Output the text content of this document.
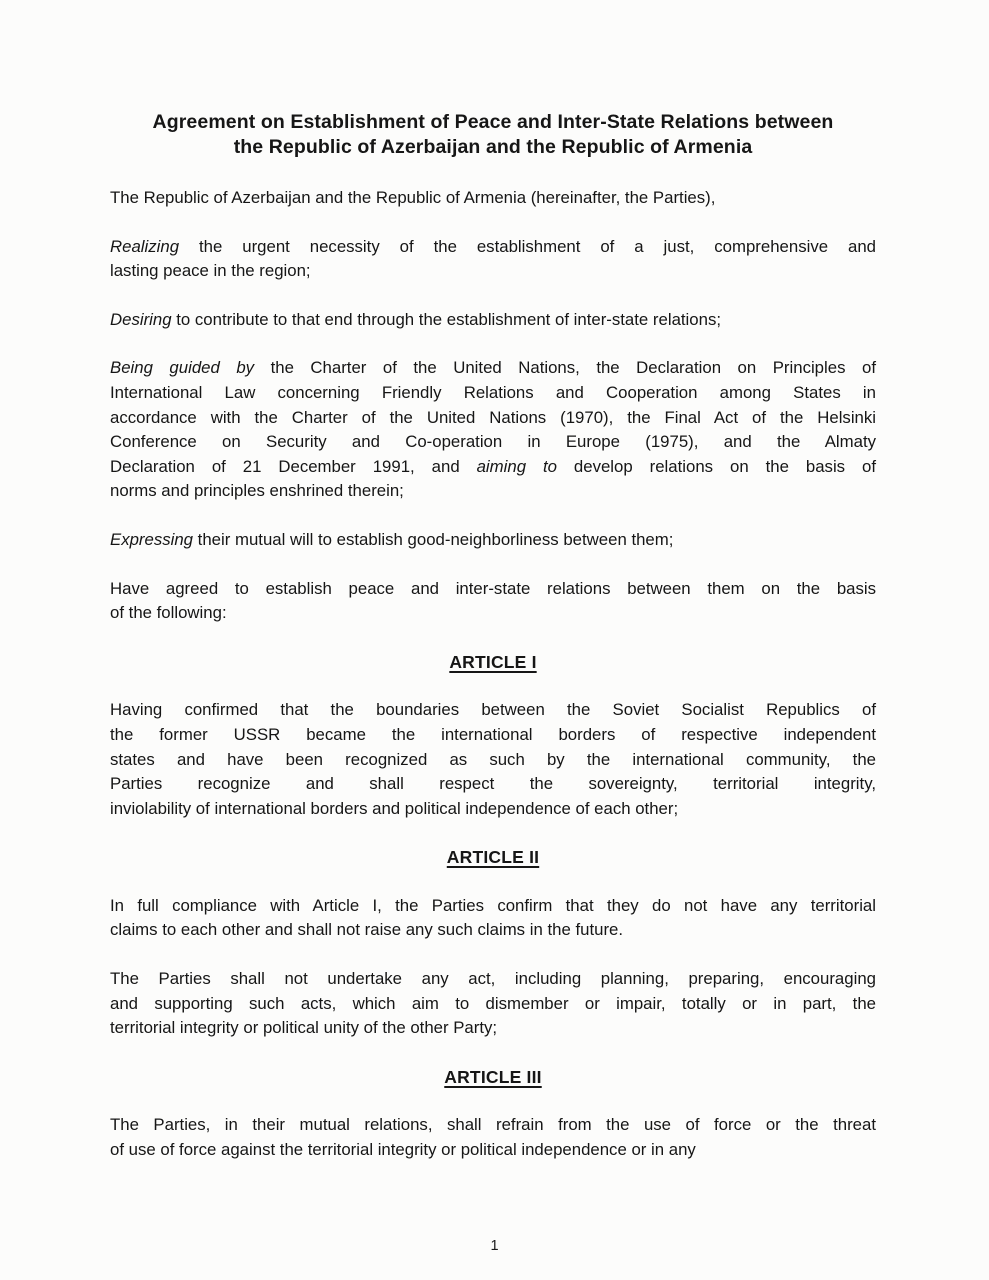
Agreement on Establishment of Peace and Inter-State Relations between
the Republic of Azerbaijan and the Republic of Armenia
The Republic of Azerbaijan and the Republic of Armenia (hereinafter, the Parties),
Realizing the urgent necessity of the establishment of a just, comprehensive and
lasting peace in the region;
Desiring to contribute to that end through the establishment of inter-state relations;
Being guided by the Charter of the United Nations, the Declaration on Principles of
International Law concerning Friendly Relations and Cooperation among States in
accordance with the Charter of the United Nations (1970), the Final Act of the Helsinki
Conference on Security and Co-operation in Europe (1975), and the Almaty
Declaration of 21 December 1991, and aiming to develop relations on the basis of
norms and principles enshrined therein;
Expressing their mutual will to establish good-neighborliness between them;
Have agreed to establish peace and inter-state relations between them on the basis
of the following:
ARTICLE I
Having confirmed that the boundaries between the Soviet Socialist Republics of
the former USSR became the international borders of respective independent
states and have been recognized as such by the international community, the
Parties recognize and shall respect the sovereignty, territorial integrity,
inviolability of international borders and political independence of each other;
ARTICLE II
In full compliance with Article I, the Parties confirm that they do not have any territorial
claims to each other and shall not raise any such claims in the future.
The Parties shall not undertake any act, including planning, preparing, encouraging
and supporting such acts, which aim to dismember or impair, totally or in part, the
territorial integrity or political unity of the other Party;
ARTICLE III
The Parties, in their mutual relations, shall refrain from the use of force or the threat
of use of force against the territorial integrity or political independence or in any
1
